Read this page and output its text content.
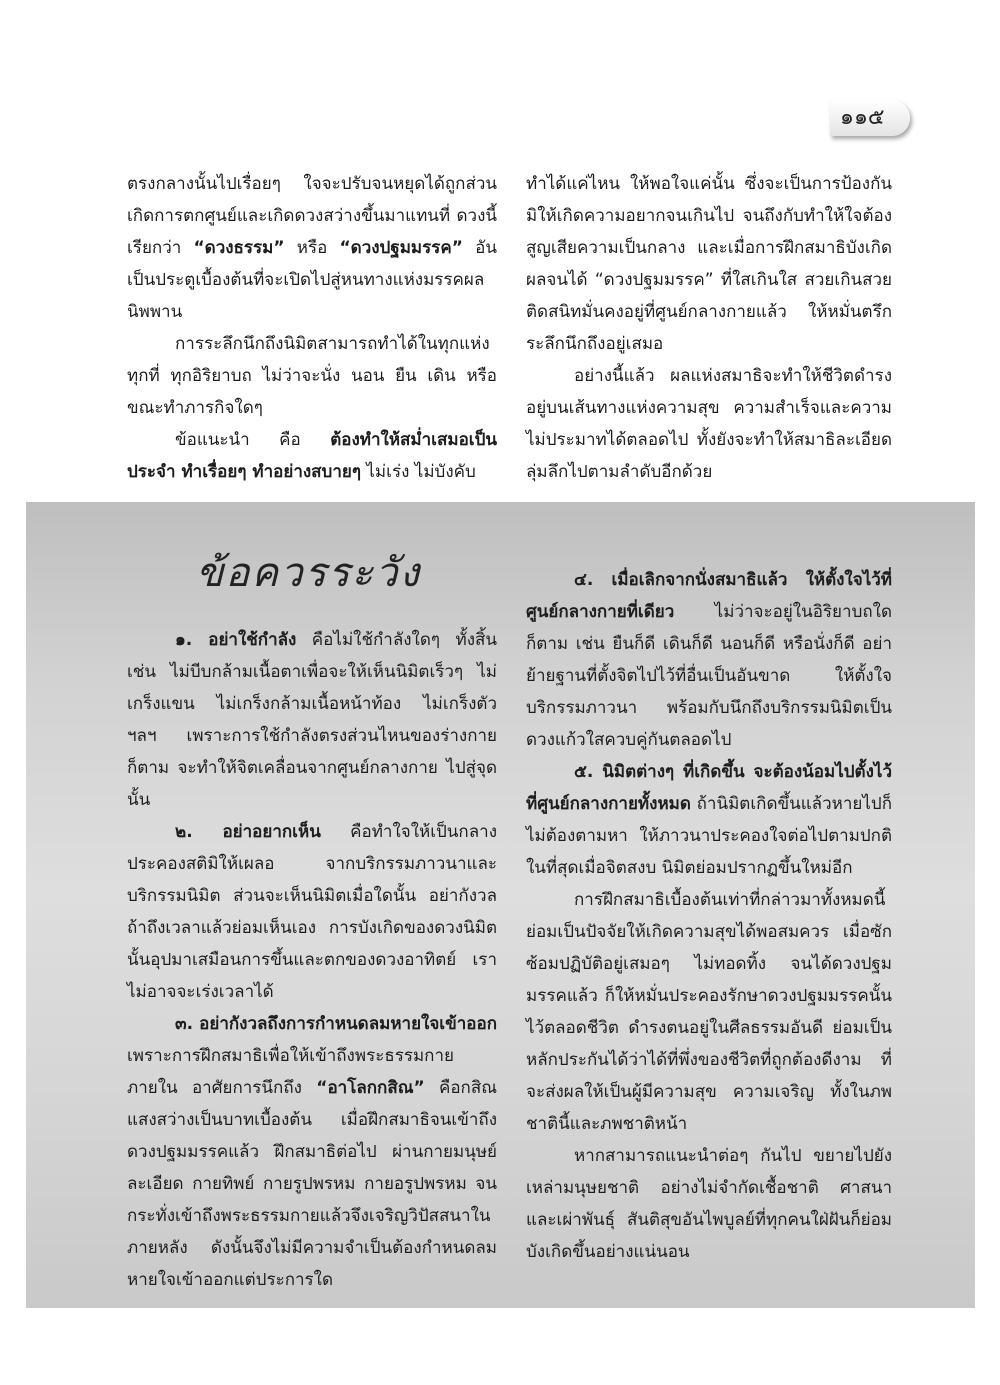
๑๑๕

ตรงกลางนั้นไปเรื่อยๆ ใจจะปรับจนหยุดได้ถูกส่วน เกิดการตกศูนย์และเกิดดวงสว่างขึ้นมาแทนที่ ดวงนี้เรียกว่า “ดวงธรรม” หรือ “ดวงปฐมมรรค” อันเป็นประตูเบื้องต้นที่จะเปิดไปสู่หนทางแห่งมรรคผลนิพพาน

การระลึกนึกถึงนิมิตสามารถทำได้ในทุกแห่ง ทุกที่ ทุกอิริยาบถ ไม่ว่าจะนั่ง นอน ยืน เดิน หรือขณะทำภารกิจใดๆ

ข้อแนะนำ คือ ต้องทำให้สม่ำเสมอเป็นประจำ ทำเรื่อยๆ ทำอย่างสบายๆ ไม่เร่ง ไม่บังคับ

ทำได้แค่ไหน ให้พอใจแค่นั้น ซึ่งจะเป็นการป้องกันมิให้เกิดความอยากจนเกินไป จนถึงกับทำให้ใจต้องสูญเสียความเป็นกลาง และเมื่อการฝึกสมาธิบังเกิดผลจนได้ “ดวงปฐมมรรค” ที่ใสเกินใส สวยเกินสวย ติดสนิทมั่นคงอยู่ที่ศูนย์กลางกายแล้ว ให้หมั่นตรึกระลึกนึกถึงอยู่เสมอ

อย่างนี้แล้ว ผลแห่งสมาธิจะทำให้ชีวิตดำรงอยู่บนเส้นทางแห่งความสุข ความสำเร็จและความไม่ประมาทได้ตลอดไป ทั้งยังจะทำให้สมาธิละเอียดลุ่มลึกไปตามลำดับอีกด้วย

ข้อควรระวัง

๑. อย่าใช้กำลัง คือไม่ใช้กำลังใดๆ ทั้งสิ้น เช่น ไม่บีบกล้ามเนื้อตาเพื่อจะให้เห็นนิมิตเร็วๆ ไม่เกร็งแขน ไม่เกร็งกล้ามเนื้อหน้าท้อง ไม่เกร็งตัว ฯลฯ เพราะการใช้กำลังตรงส่วนไหนของร่างกายก็ตาม จะทำให้จิตเคลื่อนจากศูนย์กลางกาย ไปสู่จุดนั้น

๒. อย่าอยากเห็น คือทำใจให้เป็นกลาง ประคองสติมิให้เผลอ จากบริกรรมภาวนาและบริกรรมนิมิต ส่วนจะเห็นนิมิตเมื่อใดนั้น อย่ากังวล ถ้าถึงเวลาแล้วย่อมเห็นเอง การบังเกิดของดวงนิมิตนั้นอุปมาเสมือนการขึ้นและตกของดวงอาทิตย์ เราไม่อาจจะเร่งเวลาได้

๓. อย่ากังวลถึงการกำหนดลมหายใจเข้าออก เพราะการฝึกสมาธิเพื่อให้เข้าถึงพระธรรมกายภายใน อาศัยการนึกถึง “อาโลกกสิณ” คือกสิณแสงสว่างเป็นบาทเบื้องต้น เมื่อฝึกสมาธิจนเข้าถึงดวงปฐมมรรคแล้ว ฝึกสมาธิต่อไป ผ่านกายมนุษย์ละเอียด กายทิพย์ กายรูปพรหม กายอรูปพรหม จนกระทั่งเข้าถึงพระธรรมกายแล้วจึงเจริญวิปัสสนาในภายหลัง ดังนั้นจึงไม่มีความจำเป็นต้องกำหนดลมหายใจเข้าออกแต่ประการใด

๔. เมื่อเลิกจากนั่งสมาธิแล้ว ให้ตั้งใจไว้ที่ศูนย์กลางกายที่เดียว ไม่ว่าจะอยู่ในอิริยาบถใดก็ตาม เช่น ยืนก็ดี เดินก็ดี นอนก็ดี หรือนั่งก็ดี อย่าย้ายฐานที่ตั้งจิตไปไว้ที่อื่นเป็นอันขาด ให้ตั้งใจบริกรรมภาวนา พร้อมกับนึกถึงบริกรรมนิมิตเป็นดวงแก้วใสควบคู่กันตลอดไป

๕. นิมิตต่างๆ ที่เกิดขึ้น จะต้องน้อมไปตั้งไว้ที่ศูนย์กลางกายทั้งหมด ถ้านิมิตเกิดขึ้นแล้วหายไปก็ไม่ต้องตามหา ให้ภาวนาประคองใจต่อไปตามปกติ ในที่สุดเมื่อจิตสงบ นิมิตย่อมปรากฏขึ้นใหม่อีก

การฝึกสมาธิเบื้องต้นเท่าที่กล่าวมาทั้งหมดนี้ ย่อมเป็นปัจจัยให้เกิดความสุขได้พอสมควร เมื่อซักซ้อมปฏิบัติอยู่เสมอๆ ไม่ทอดทิ้ง จนได้ดวงปฐมมรรคแล้ว ก็ให้หมั่นประคองรักษาดวงปฐมมรรคนั้นไว้ตลอดชีวิต ดำรงตนอยู่ในศีลธรรมอันดี ย่อมเป็นหลักประกันได้ว่าได้ที่พึ่งของชีวิตที่ถูกต้องดีงาม ที่จะส่งผลให้เป็นผู้มีความสุข ความเจริญ ทั้งในภพชาตินี้และภพชาติหน้า

หากสามารถแนะนำต่อๆ กันไป ขยายไปยังเหล่ามนุษยชาติ อย่างไม่จำกัดเชื้อชาติ ศาสนา และเผ่าพันธุ์ สันติสุขอันไพบูลย์ที่ทุกคนใฝ่ฝันก็ย่อมบังเกิดขึ้นอย่างแน่นอน
